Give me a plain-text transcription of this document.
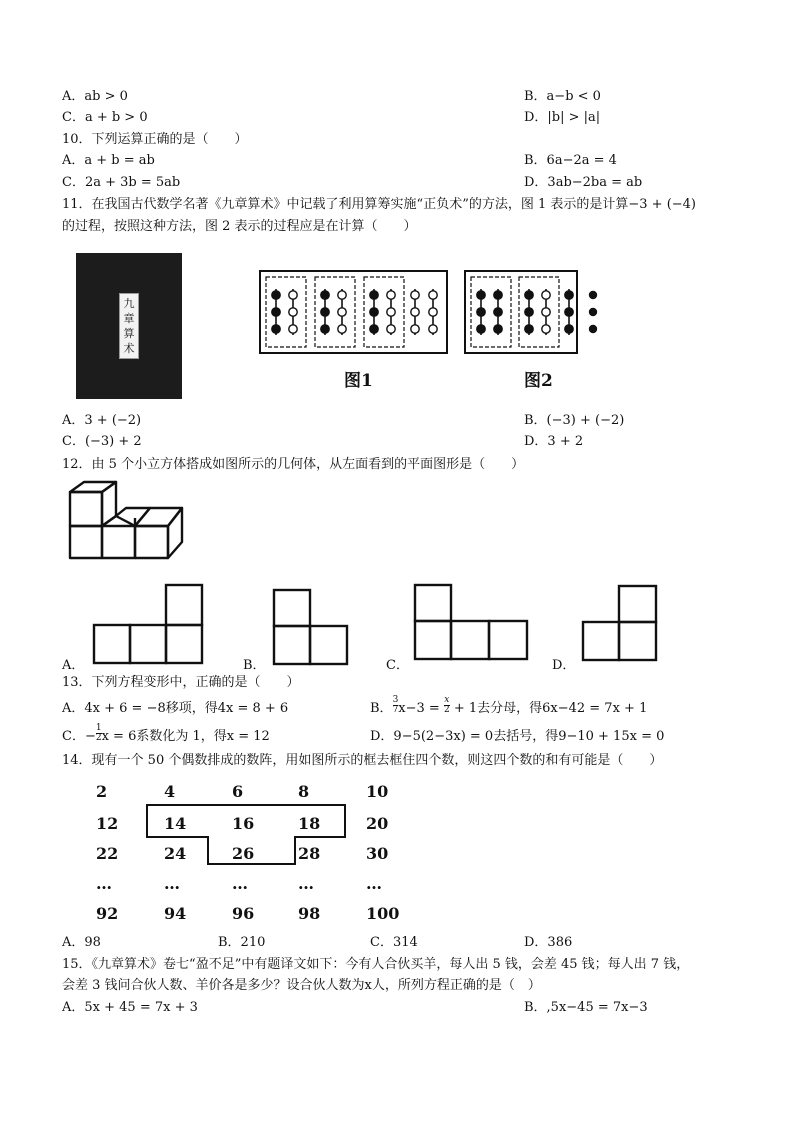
A．ab > 0	B．a−b < 0
C．a + b > 0	D．|b| > |a|
10．下列运算正确的是（　　）
A．a + b = ab	B．6a−2a = 4
C．2a + 3b = 5ab	D．3ab−2ba = ab
11．在我国古代数学名著《九章算术》中记载了利用算筹实施“正负术”的方法，图 1 表示的是计算−3 + (−4)
的过程，按照这种方法，图 2 表示的过程应是在计算（　　）
九
章
算
术
图1	图2
A．3 + (−2)	B．(−3) + (−2)
C．(−3) + 2	D．3 + 2
12．由 5 个小立方体搭成如图所示的几何体，从左面看到的平面图形是（　　）
A．	B．	C．	D．
13．下列方程变形中，正确的是（　　）
A．4x + 6 = −8移项，得4x = 8 + 6	B． $\frac{3}{7} x-3 = \frac{x}{2} + 1$去分母，得6x−42 = 7x + 1
C．− $\frac{1}{2}$ x = 6系数化为 1，得x = 12	D．9−5(2−3x) = 0去括号，得9−10 + 15x = 0
14．现有一个 50 个偶数排成的数阵，用如图所示的框去框住四个数，则这四个数的和有可能是（　　）
2	4	6	8	10
12	14	16	18	20
22	24	26	28	30
…	…	…	…	…
92	94	96	98	100
A．98	B．210	C．314	D．386
15．《九章算术》卷七“盈不足”中有题译文如下：今有人合伙买羊，每人出 5 钱，会差 45 钱；每人出 7 钱，
会差 3 钱问合伙人数、羊价各是多少？设合伙人数为x人，所列方程正确的是（　）
A．5x + 45 = 7x + 3	B．,5x−45 = 7x−3
